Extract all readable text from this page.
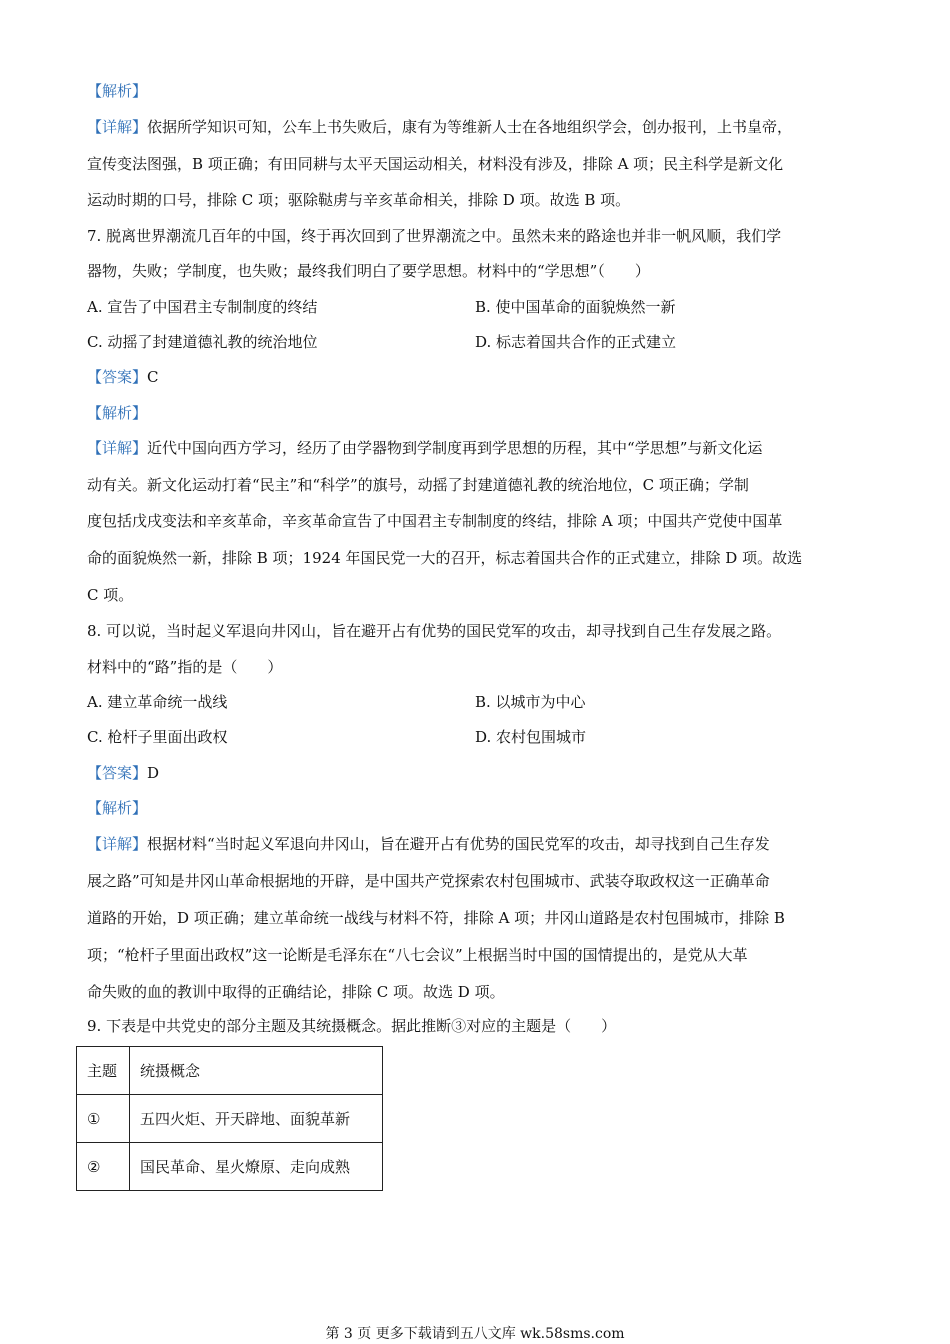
【解析】
【详解】依据所学知识可知，公车上书失败后，康有为等维新人士在各地组织学会，创办报刊，上书皇帝，
宣传变法图强，B 项正确；有田同耕与太平天国运动相关，材料没有涉及，排除 A 项；民主科学是新文化
运动时期的口号，排除 C 项；驱除鞑虏与辛亥革命相关，排除 D 项。故选 B 项。
7. 脱离世界潮流几百年的中国，终于再次回到了世界潮流之中。虽然未来的路途也并非一帆风顺，我们学
器物，失败；学制度，也失败；最终我们明白了要学思想。材料中的“学思想”（　　）
A. 宣告了中国君主专制制度的终结	B. 使中国革命的面貌焕然一新
C. 动摇了封建道德礼教的统治地位	D. 标志着国共合作的正式建立
【答案】C
【解析】
【详解】近代中国向西方学习，经历了由学器物到学制度再到学思想的历程，其中“学思想”与新文化运
动有关。新文化运动打着“民主”和“科学”的旗号，动摇了封建道德礼教的统治地位，C 项正确；学制
度包括戊戌变法和辛亥革命，辛亥革命宣告了中国君主专制制度的终结，排除 A 项；中国共产党使中国革
命的面貌焕然一新，排除 B 项；1924 年国民党一大的召开，标志着国共合作的正式建立，排除 D 项。故选
C 项。
8. 可以说，当时起义军退向井冈山，旨在避开占有优势的国民党军的攻击，却寻找到自己生存发展之路。
材料中的“路”指的是（　　）
A. 建立革命统一战线	B. 以城市为中心
C. 枪杆子里面出政权	D. 农村包围城市
【答案】D
【解析】
【详解】根据材料“当时起义军退向井冈山，旨在避开占有优势的国民党军的攻击，却寻找到自己生存发
展之路”可知是井冈山革命根据地的开辟，是中国共产党探索农村包围城市、武装夺取政权这一正确革命
道路的开始，D 项正确；建立革命统一战线与材料不符，排除 A 项；井冈山道路是农村包围城市，排除 B
项；“枪杆子里面出政权”这一论断是毛泽东在“八七会议”上根据当时中国的国情提出的，是党从大革
命失败的血的教训中取得的正确结论，排除 C 项。故选 D 项。
9. 下表是中共党史的部分主题及其统摄概念。据此推断③对应的主题是（　　）
主题	统摄概念
①	五四火炬、开天辟地、面貌革新
②	国民革命、星火燎原、走向成熟
第 3 页 更多下载请到五八文库 wk.58sms.com
